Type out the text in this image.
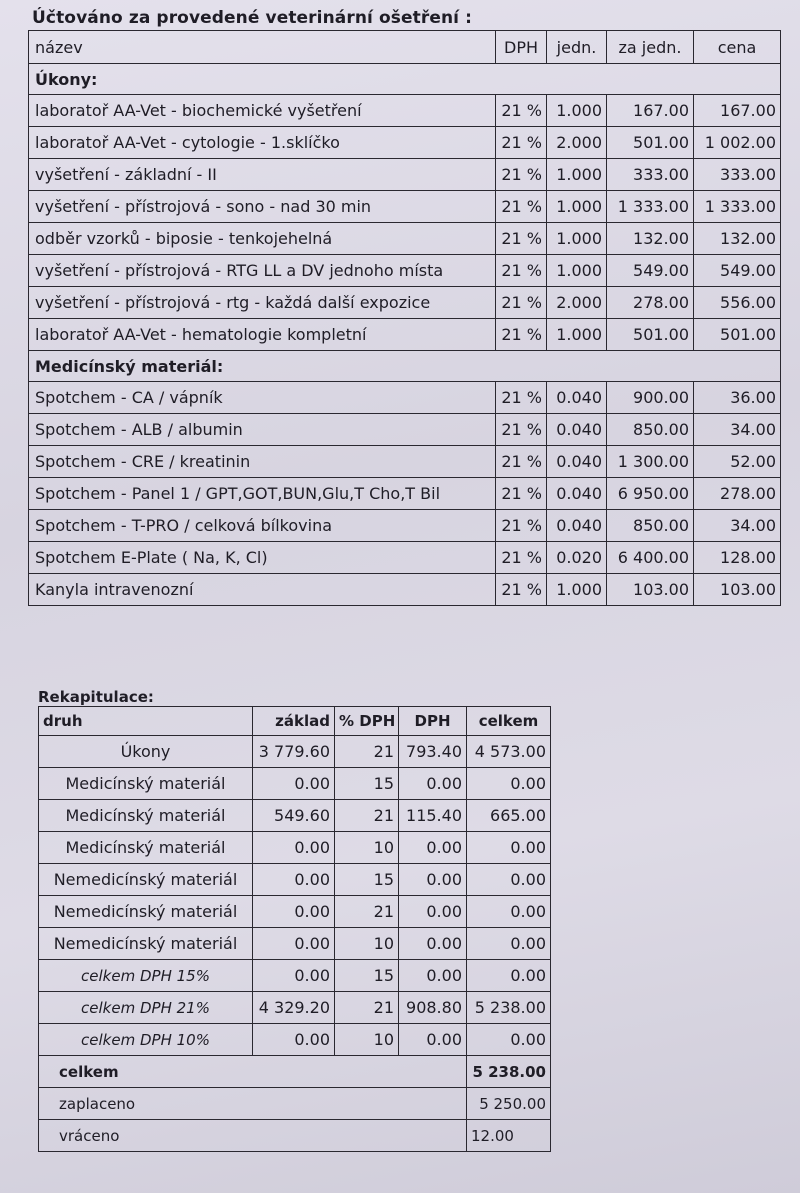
Účtováno za provedené veterinární ošetření :
název	DPH	jedn.	za jedn.	cena
Úkony:				
laboratoř AA-Vet - biochemické vyšetření	21 %	1.000	167.00	167.00
laboratoř AA-Vet - cytologie - 1.sklíčko	21 %	2.000	501.00	1 002.00
vyšetření - základní - II	21 %	1.000	333.00	333.00
vyšetření - přístrojová - sono - nad 30 min	21 %	1.000	1 333.00	1 333.00
odběr vzorků - biposie - tenkojehelná	21 %	1.000	132.00	132.00
vyšetření - přístrojová - RTG LL a DV jednoho místa	21 %	1.000	549.00	549.00
vyšetření - přístrojová - rtg - každá další expozice	21 %	2.000	278.00	556.00
laboratoř AA-Vet - hematologie kompletní	21 %	1.000	501.00	501.00
Medicínský materiál:				
Spotchem - CA / vápník	21 %	0.040	900.00	36.00
Spotchem - ALB / albumin	21 %	0.040	850.00	34.00
Spotchem - CRE / kreatinin	21 %	0.040	1 300.00	52.00
Spotchem - Panel 1 / GPT,GOT,BUN,Glu,T Cho,T Bil	21 %	0.040	6 950.00	278.00
Spotchem - T-PRO / celková bílkovina	21 %	0.040	850.00	34.00
Spotchem E-Plate ( Na, K, Cl)	21 %	0.020	6 400.00	128.00
Kanyla intravenozní	21 %	1.000	103.00	103.00
Rekapitulace:
druh	základ	% DPH	DPH	celkem
Úkony	3 779.60	21	793.40	4 573.00
Medicínský materiál	0.00	15	0.00	0.00
Medicínský materiál	549.60	21	115.40	665.00
Medicínský materiál	0.00	10	0.00	0.00
Nemedicínský materiál	0.00	15	0.00	0.00
Nemedicínský materiál	0.00	21	0.00	0.00
Nemedicínský materiál	0.00	10	0.00	0.00
celkem DPH 15%	0.00	15	0.00	0.00
celkem DPH 21%	4 329.20	21	908.80	5 238.00
celkem DPH 10%	0.00	10	0.00	0.00
celkem				5 238.00
zaplaceno				5 250.00
vráceno				12.00
